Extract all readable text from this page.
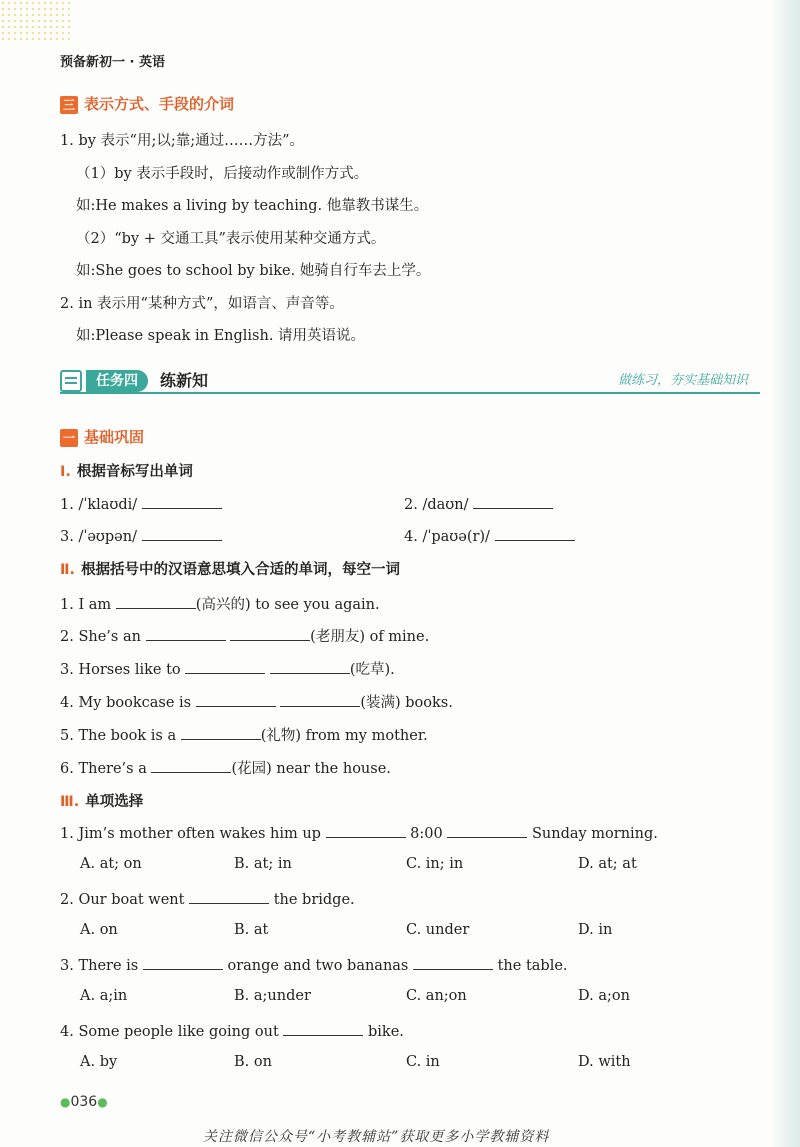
预备新初一 · 英语
三 表示方式、手段的介词
1. by 表示“用;以;靠;通过……方法”。
（1）by 表示手段时，后接动作或制作方式。
如:He makes a living by teaching. 他靠教书谋生。
（2）“by + 交通工具”表示使用某种交通方式。
如:She goes to school by bike. 她骑自行车去上学。
2. in 表示用“某种方式”，如语言、声音等。
如:Please speak in English. 请用英语说。
任务四	练新知	做练习，夯实基础知识
一 基础巩固
Ⅰ. 根据音标写出单词
1. /ˈklaʊdi/	2. /daʊn/
3. /ˈəʊpən/	4. /ˈpaʊə(r)/
Ⅱ. 根据括号中的汉语意思填入合适的单词，每空一词
1. I am	(高兴的) to see you again.
2. She’s an	(老朋友) of mine.
3. Horses like to	(吃草).
4. My bookcase is	(装满) books.
5. The book is a	(礼物) from my mother.
6. There’s a	(花园) near the house.
Ⅲ. 单项选择
1. Jim’s mother often wakes him up	8:00	Sunday morning.
A. at; on	B. at; in	C. in; in	D. at; at
2. Our boat went	the bridge.
A. on	B. at	C. under	D. in
3. There is	orange and two bananas	the table.
A. a;in	B. a;under	C. an;on	D. a;on
4. Some people like going out	bike.
A. by	B. on	C. in	D. with
●036●
关注微信公众号“小考教辅站”获取更多小学教辅资料
